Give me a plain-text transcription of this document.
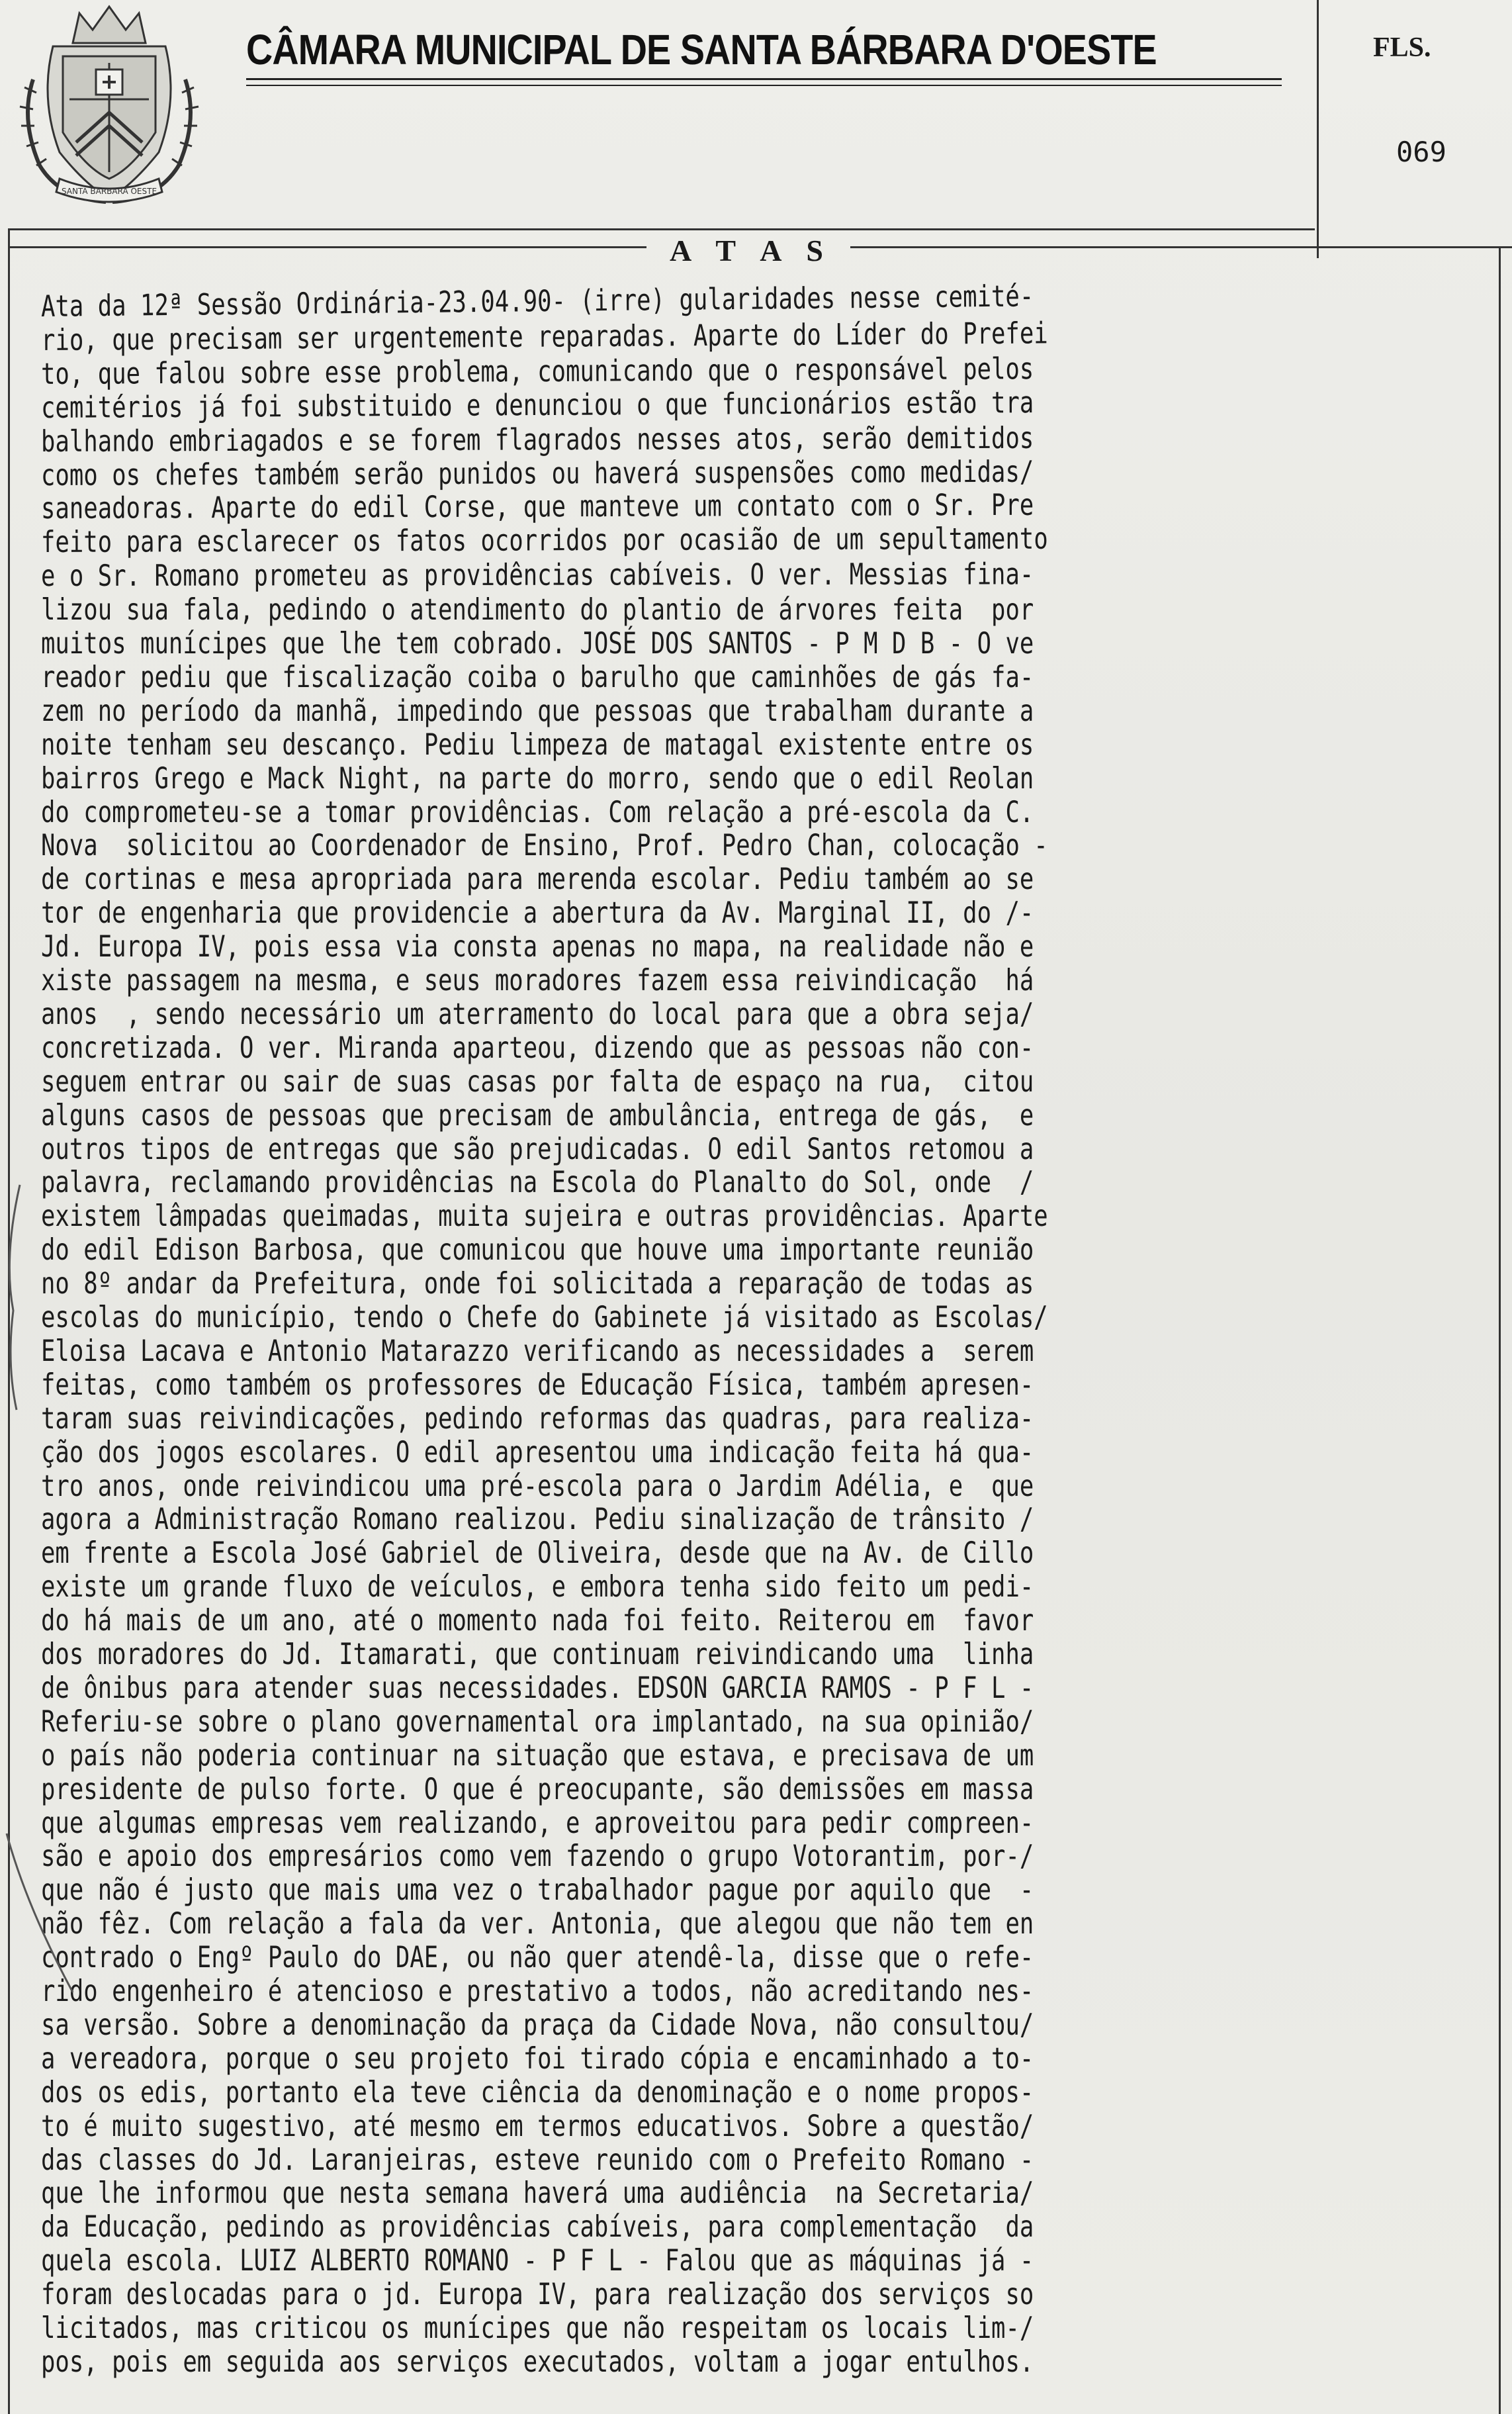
SANTA BARBARA OESTE
CÂMARA MUNICIPAL DE SANTA BÁRBARA D'OESTE	FLS.
069
A T A S
Ata da 12ª Sessão Ordinária-23.04.90- (irre) gularidades nesse cemité-
rio, que precisam ser urgentemente reparadas. Aparte do Líder do Prefei
to, que falou sobre esse problema, comunicando que o responsável pelos
cemitérios já foi substituido e denunciou o que funcionários estão tra
balhando embriagados e se forem flagrados nesses atos, serão demitidos
como os chefes também serão punidos ou haverá suspensões como medidas/
saneadoras. Aparte do edil Corse, que manteve um contato com o Sr. Pre
feito para esclarecer os fatos ocorridos por ocasião de um sepultamento
e o Sr. Romano prometeu as providências cabíveis. O ver. Messias fina-
lizou sua fala, pedindo o atendimento do plantio de árvores feita  por
muitos munícipes que lhe tem cobrado. JOSÉ DOS SANTOS - P M D B - O ve
reador pediu que fiscalização coiba o barulho que caminhões de gás fa-
zem no período da manhã, impedindo que pessoas que trabalham durante a
noite tenham seu descanço. Pediu limpeza de matagal existente entre os
bairros Grego e Mack Night, na parte do morro, sendo que o edil Reolan
do comprometeu-se a tomar providências. Com relação a pré-escola da C.
Nova  solicitou ao Coordenador de Ensino, Prof. Pedro Chan, colocação -
de cortinas e mesa apropriada para merenda escolar. Pediu também ao se
tor de engenharia que providencie a abertura da Av. Marginal II, do /-
Jd. Europa IV, pois essa via consta apenas no mapa, na realidade não e
xiste passagem na mesma, e seus moradores fazem essa reivindicação  há
anos  , sendo necessário um aterramento do local para que a obra seja/
concretizada. O ver. Miranda aparteou, dizendo que as pessoas não con-
seguem entrar ou sair de suas casas por falta de espaço na rua,  citou
alguns casos de pessoas que precisam de ambulância, entrega de gás,  e
outros tipos de entregas que são prejudicadas. O edil Santos retomou a
palavra, reclamando providências na Escola do Planalto do Sol, onde  /
existem lâmpadas queimadas, muita sujeira e outras providências. Aparte
do edil Edison Barbosa, que comunicou que houve uma importante reunião
no 8º andar da Prefeitura, onde foi solicitada a reparação de todas as
escolas do município, tendo o Chefe do Gabinete já visitado as Escolas/
Eloisa Lacava e Antonio Matarazzo verificando as necessidades a  serem
feitas, como também os professores de Educação Física, também apresen-
taram suas reivindicações, pedindo reformas das quadras, para realiza-
ção dos jogos escolares. O edil apresentou uma indicação feita há qua-
tro anos, onde reivindicou uma pré-escola para o Jardim Adélia, e  que
agora a Administração Romano realizou. Pediu sinalização de trânsito /
em frente a Escola José Gabriel de Oliveira, desde que na Av. de Cillo
existe um grande fluxo de veículos, e embora tenha sido feito um pedi-
do há mais de um ano, até o momento nada foi feito. Reiterou em  favor
dos moradores do Jd. Itamarati, que continuam reivindicando uma  linha
de ônibus para atender suas necessidades. EDSON GARCIA RAMOS - P F L -
Referiu-se sobre o plano governamental ora implantado, na sua opinião/
o país não poderia continuar na situação que estava, e precisava de um
presidente de pulso forte. O que é preocupante, são demissões em massa
que algumas empresas vem realizando, e aproveitou para pedir compreen-
são e apoio dos empresários como vem fazendo o grupo Votorantim, por-/
que não é justo que mais uma vez o trabalhador pague por aquilo que  -
não fêz. Com relação a fala da ver. Antonia, que alegou que não tem en
contrado o Engº Paulo do DAE, ou não quer atendê-la, disse que o refe-
rido engenheiro é atencioso e prestativo a todos, não acreditando nes-
sa versão. Sobre a denominação da praça da Cidade Nova, não consultou/
a vereadora, porque o seu projeto foi tirado cópia e encaminhado a to-
dos os edis, portanto ela teve ciência da denominação e o nome propos-
to é muito sugestivo, até mesmo em termos educativos. Sobre a questão/
das classes do Jd. Laranjeiras, esteve reunido com o Prefeito Romano -
que lhe informou que nesta semana haverá uma audiência  na Secretaria/
da Educação, pedindo as providências cabíveis, para complementação  da
quela escola. LUIZ ALBERTO ROMANO - P F L - Falou que as máquinas já -
foram deslocadas para o jd. Europa IV, para realização dos serviços so
licitados, mas criticou os munícipes que não respeitam os locais lim-/
pos, pois em seguida aos serviços executados, voltam a jogar entulhos.
